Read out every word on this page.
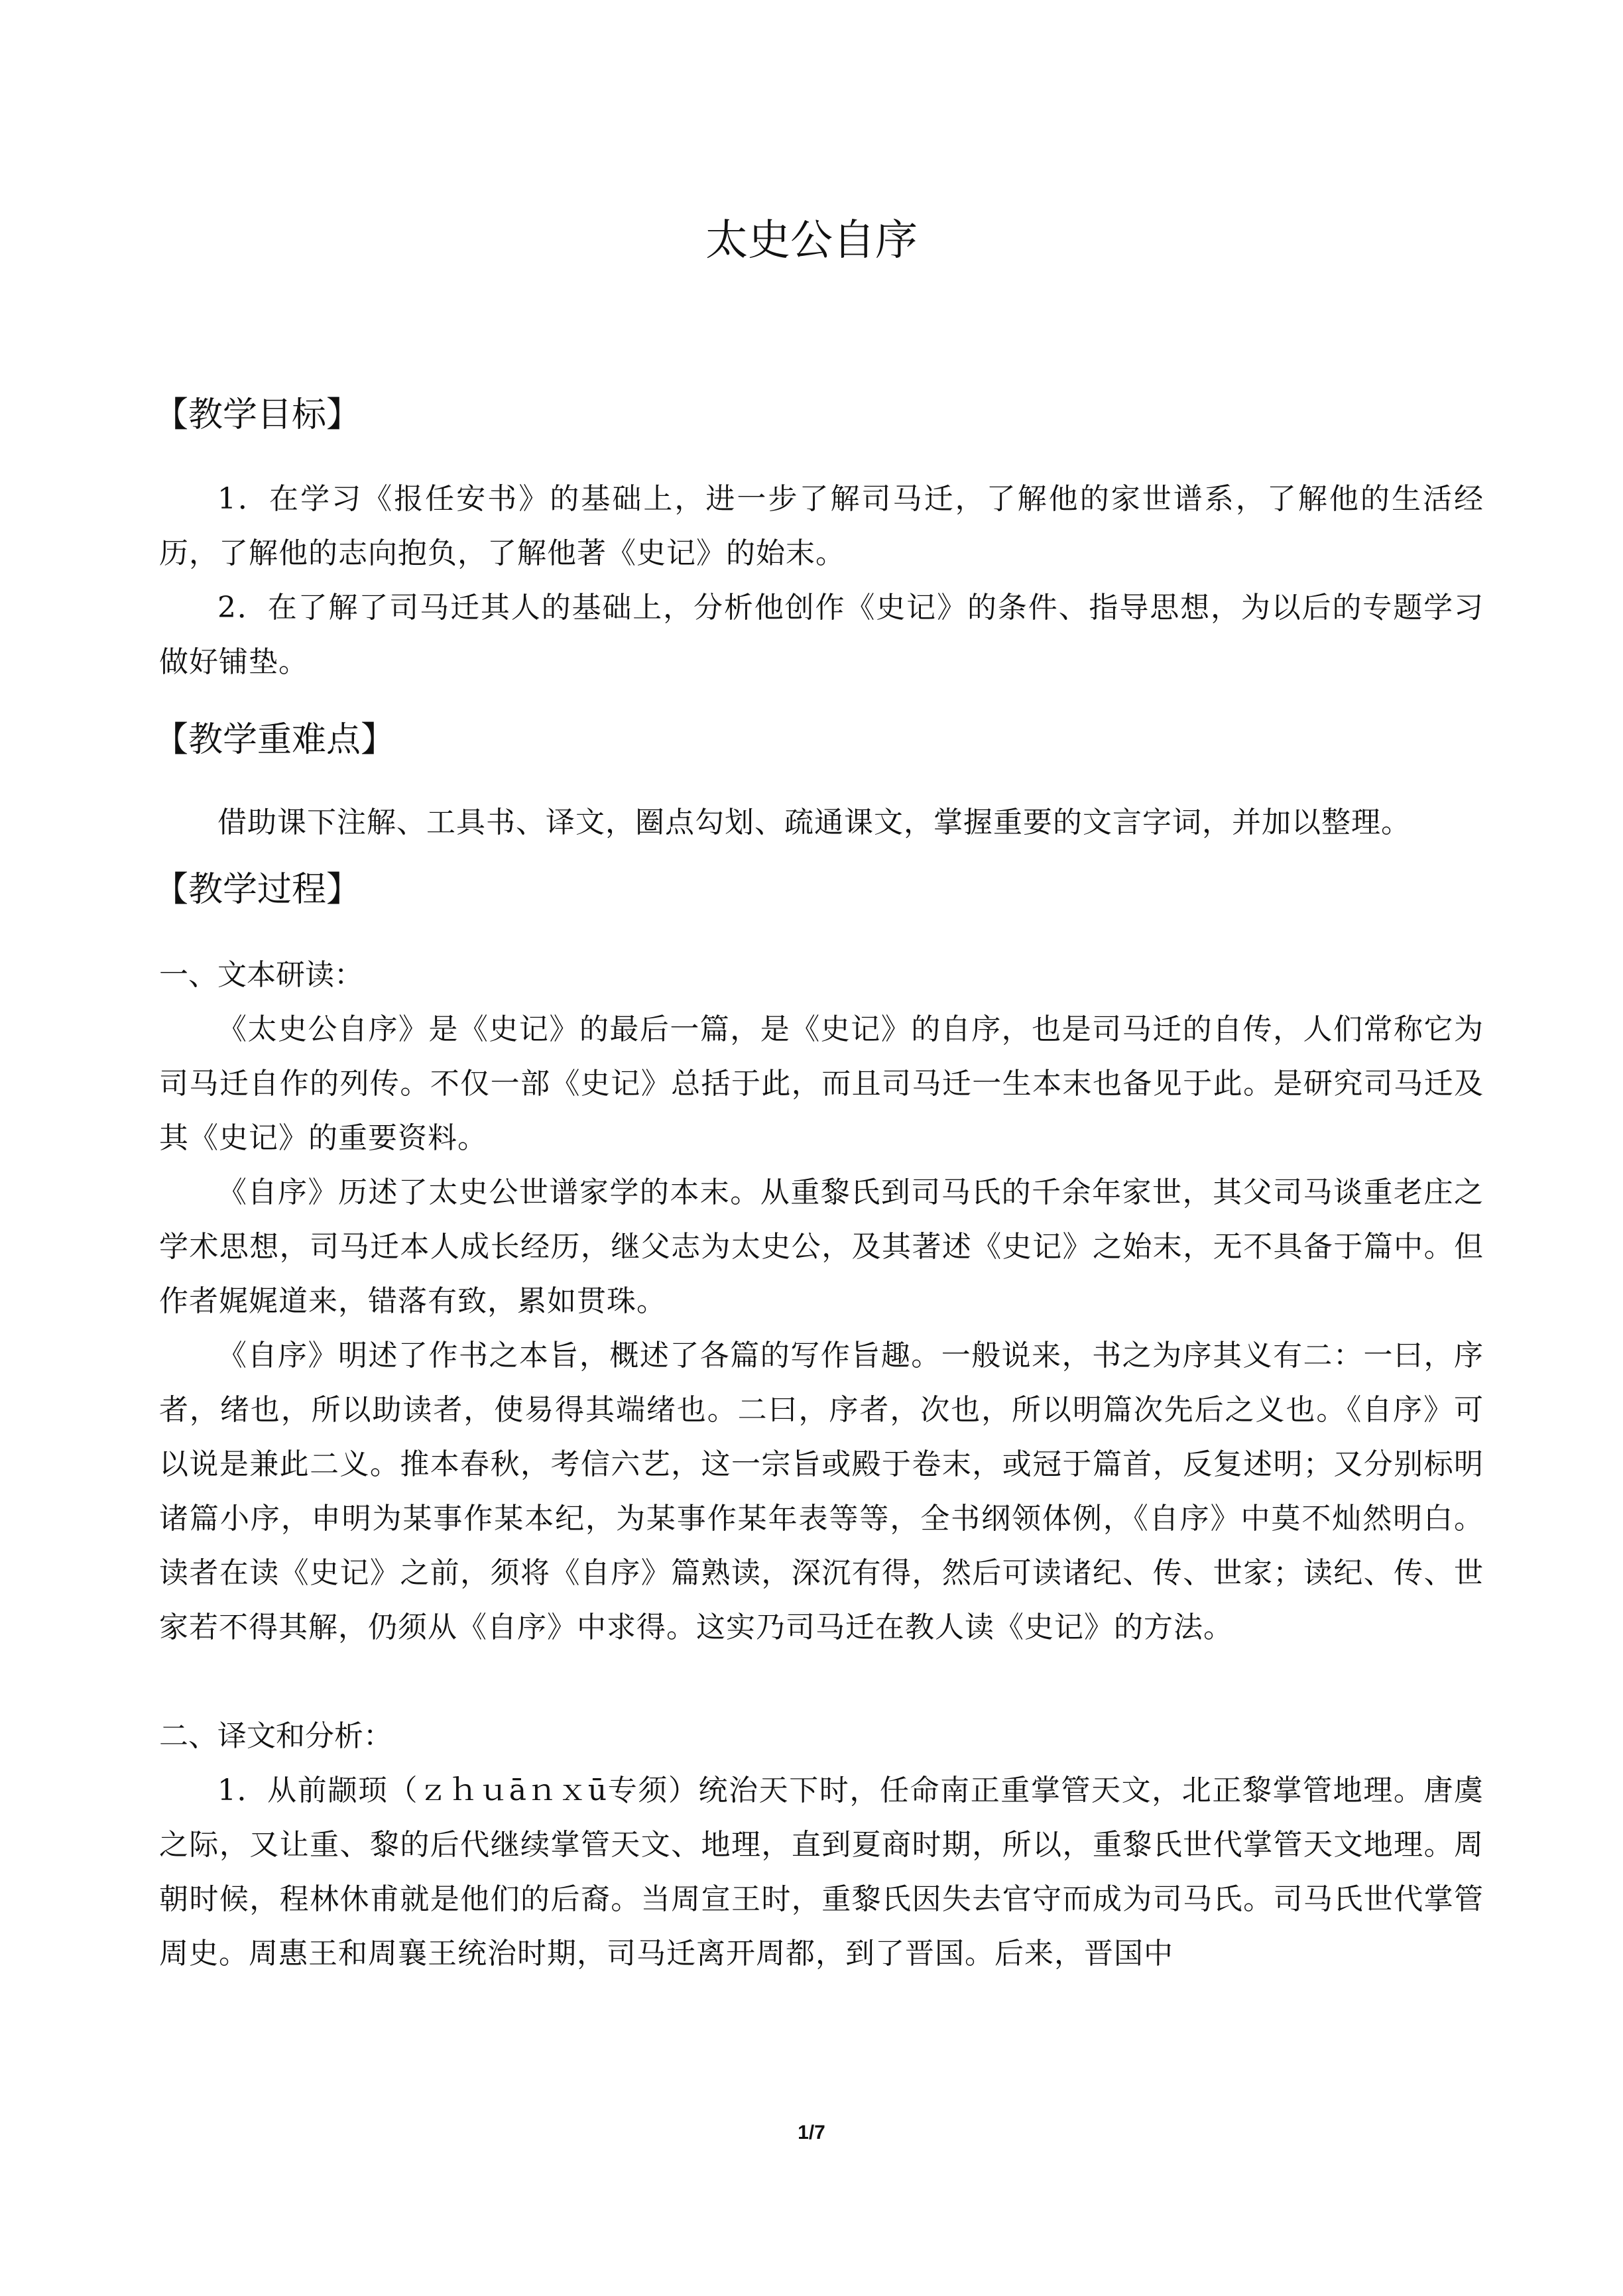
太史公自序
【教学目标】
1．在学习《报任安书》的基础上，进一步了解司马迁，了解他的家世谱系，了解他的生活经历，了解他的志向抱负，了解他著《史记》的始末。
2．在了解了司马迁其人的基础上，分析他创作《史记》的条件、指导思想，为以后的专题学习做好铺垫。
【教学重难点】
借助课下注解、工具书、译文，圈点勾划、疏通课文，掌握重要的文言字词，并加以整理。
【教学过程】
一、文本研读：
《太史公自序》是《史记》的最后一篇，是《史记》的自序，也是司马迁的自传，人们常称它为司马迁自作的列传。不仅一部《史记》总括于此，而且司马迁一生本末也备见于此。是研究司马迁及其《史记》的重要资料。
《自序》历述了太史公世谱家学的本末。从重黎氏到司马氏的千余年家世，其父司马谈重老庄之学术思想，司马迁本人成长经历，继父志为太史公，及其著述《史记》之始末，无不具备于篇中。但作者娓娓道来，错落有致，累如贯珠。
《自序》明述了作书之本旨，概述了各篇的写作旨趣。一般说来，书之为序其义有二：一曰，序者，绪也，所以助读者，使易得其端绪也。二曰，序者，次也，所以明篇次先后之义也。《自序》可以说是兼此二义。推本春秋，考信六艺，这一宗旨或殿于卷末，或冠于篇首，反复述明；又分别标明诸篇小序，申明为某事作某本纪，为某事作某年表等等，全书纲领体例，《自序》中莫不灿然明白。读者在读《史记》之前，须将《自序》篇熟读，深沉有得，然后可读诸纪、传、世家；读纪、传、世家若不得其解，仍须从《自序》中求得。这实乃司马迁在教人读《史记》的方法。
二、译文和分析：
1．从前颛顼（ｚｈｕāｎｘū专须）统治天下时，任命南正重掌管天文，北正黎掌管地理。唐虞之际，又让重、黎的后代继续掌管天文、地理，直到夏商时期，所以，重黎氏世代掌管天文地理。周朝时候，程林休甫就是他们的后裔。当周宣王时，重黎氏因失去官守而成为司马氏。司马氏世代掌管周史。周惠王和周襄王统治时期，司马迁离开周都，到了晋国。后来，晋国中
1/7
